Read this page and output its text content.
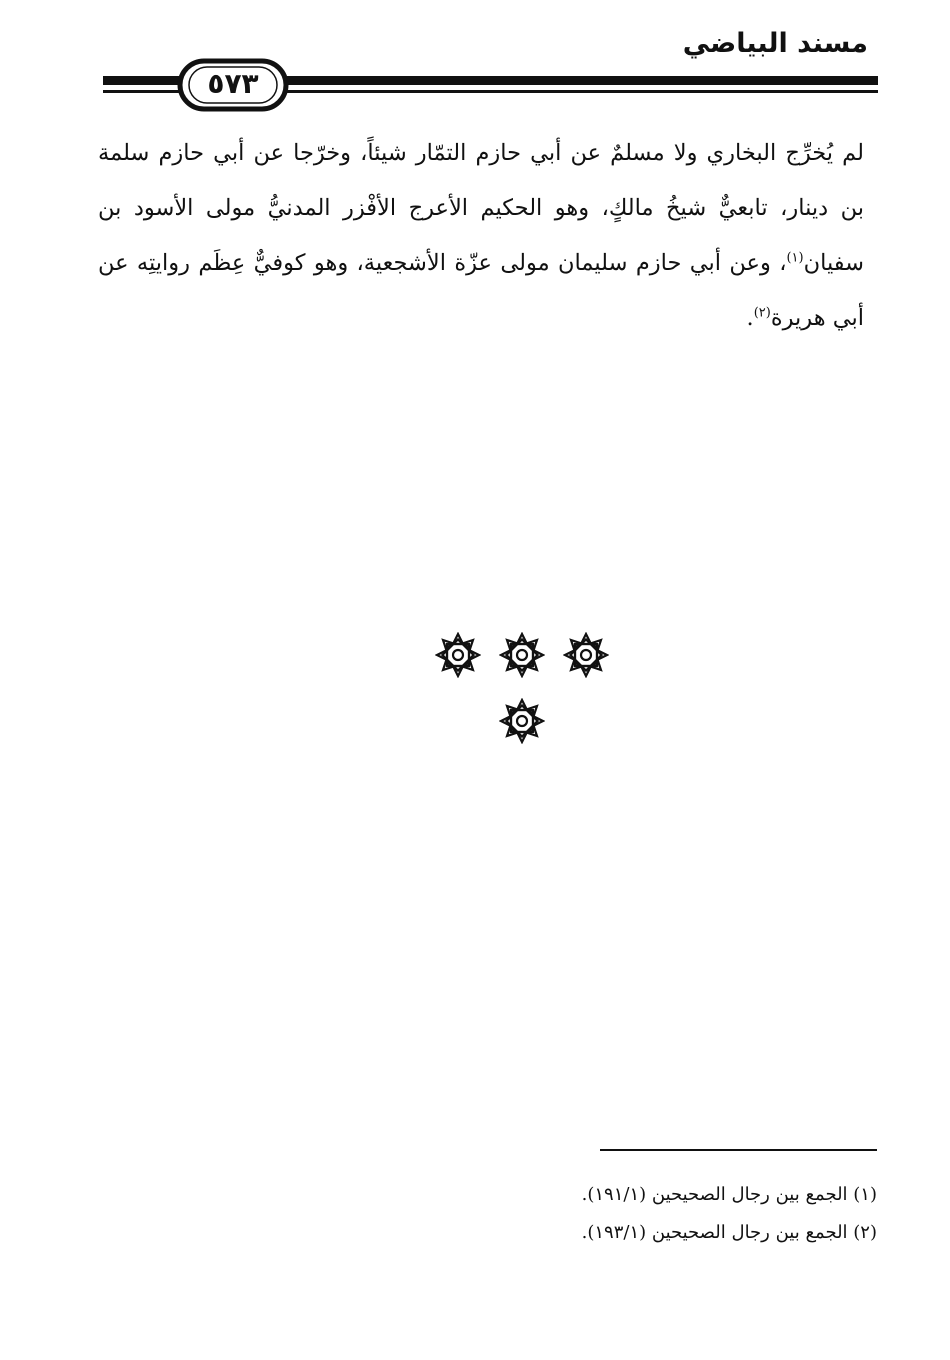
مسند البياضي
٥٧٣

لم يُخرِّج البخاري ولا مسلمٌ عن أبي حازم التمّار شيئاً، وخرّجا عن أبي حازم سلمة بن دينار، تابعيٌّ شيخُ مالكٍ، وهو الحكيم الأعرج الأفْزر المدنيُّ مولى الأسود بن سفيان$^{(١)}$، وعن أبي حازم سليمان مولى عزّة الأشجعية، وهو كوفيٌّ عِظَم روايتِه عن أبي هريرة$^{(٢)}$.

(١) الجمع بين رجال الصحيحين (١٩١/١).

(٢) الجمع بين رجال الصحيحين (١٩٣/١).
